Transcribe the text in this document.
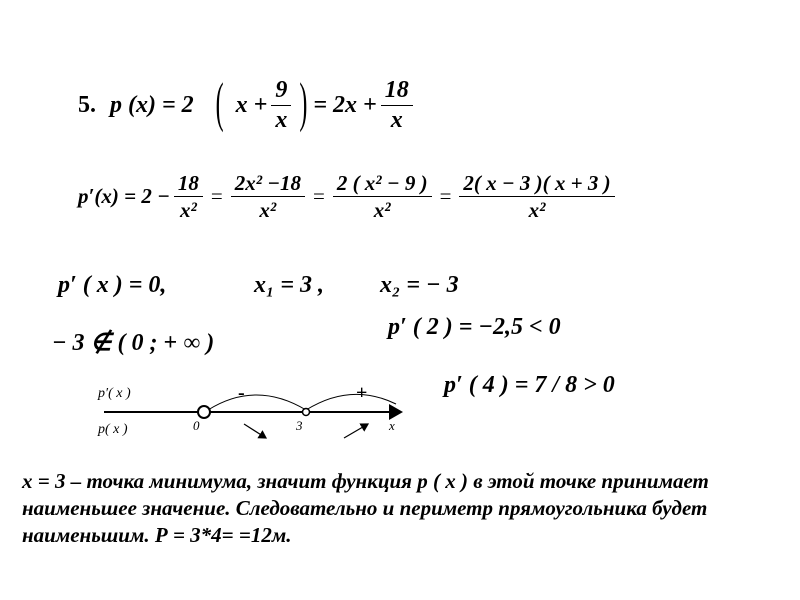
5. p (x) = 2 ( $x + \frac{9}{x}$ ) = $2x + \frac{18}{x}$
$p'(x) = 2 - \frac{18}{\text{x²}} = \frac{\text{2x² −18}}{\text{x²}} = \frac{\text{2 ( x² − 9 )}}{\text{x²}} = \frac{2( x - 3 )( x + 3 )}{\text{x²}}$
p′ ( x ) = 0,	x₁ = 3 , x₂ = − 3
− 3 ∉ ( 0 ; + ∞ )
p′ ( 2 ) = −2,5 < 0
p′ ( 4 ) = 7 / 8 > 0
p′( x )
p( x )
-	+
0	3	x
x = 3 – точка минимума, значит функция р ( х ) в этой точке принимает наименьшее значение. Следовательно и периметр прямоугольника будет наименьшим. Р = 3*4= =12м.
